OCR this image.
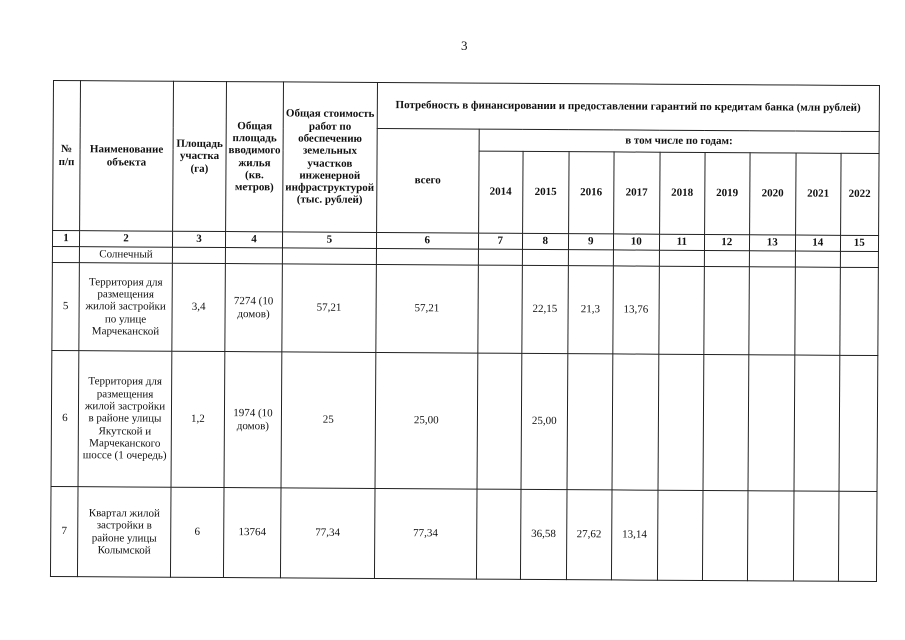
3
№ п/п	Наименование объекта	Площадь участка (га)	Общая площадь вводимого жилья (кв. метров)	Общая стоимость работ по обеспечению земельных участков инженерной инфраструктурой (тыс. рублей)	Потребность в финансировании и предоставлении гарантий по кредитам банка (млн рублей)									
					всего	в том числе по годам:								
						2014	2015	2016	2017	2018	2019	2020	2021	2022
1	2	3	4	5	6	7	8	9	10	11	12	13	14	15
	Солнечный													
5	Территория для размещения жилой застройки по улице Марчеканской	3,4	7274 (10 домов)	57,21	57,21		22,15	21,3	13,76					
6	Территория для размещения жилой застройки в районе улицы Якутской и Марчеканского шоссе (1 очередь)	1,2	1974 (10 домов)	25	25,00		25,00							
7	Квартал жилой застройки в районе улицы Колымской	6	13764	77,34	77,34		36,58	27,62	13,14					
